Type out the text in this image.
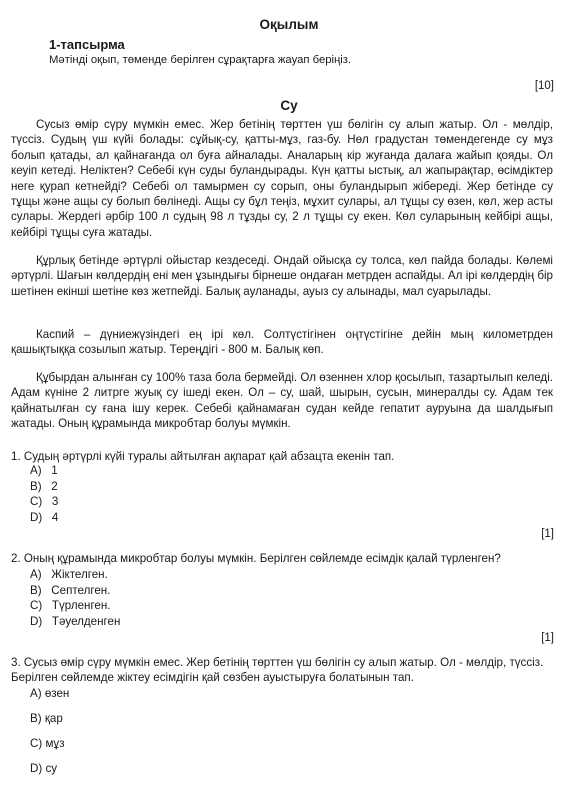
Оқылым
1-тапсырма
Мәтінді оқып, төменде берілген сұрақтарға жауап беріңіз.
[10]
Су
Сусыз өмір сүру мүмкін емес. Жер бетінің төрттен үш бөлігін су алып жатыр. Ол - мөлдір, түссіз. Судың үш күйі болады: сұйық-су, қатты-мұз, газ-бу. Нөл градустан төмендегенде су мұз болып қатады, ал қайнағанда ол буға айналады. Аналарың кір жуғанда далаға жайып қояды. Ол кеуіп кетеді. Неліктен? Себебі күн суды буландырады. Күн қатты ыстық, ал жапырақтар, өсімдіктер неге қурап кетнейді? Себебі ол тамырмен су сорып, оны буландырып жібереді. Жер бетінде су тұщы және ащы су болып бөлінеді. Ащы су бұл теңіз, мұхит сулары, ал тұщы су өзен, көл, жер асты сулары. Жердегі әрбір 100 л судың 98 л тұзды су, 2 л тұщы су екен. Көл суларының кейбірі ащы, кейбірі тұщы суға жатады.
Құрлық бетінде әртүрлі ойыстар кездеседі. Ондай ойысқа су толса, көл пайда болады. Көлемі әртүрлі. Шағын көлдердің ені мен ұзындығы бірнеше ондаған метрден аспайды. Ал ірі көлдердің бір шетінен екінші шетіне көз жетпейді. Балық ауланады, ауыз су алынады, мал суарылады.
Каспий – дүниежүзіндегі ең ірі көл. Солтүстігінен оңтүстігіне дейін мың километрден қашықтыққа созылып жатыр. Тереңдігі - 800 м. Балық көп.
Құбырдан алынған су 100% таза бола бермейді. Ол өзеннен хлор қосылып, тазартылып келеді. Адам күніне 2 литрге жуық су ішеді екен. Ол – су, шай, шырын, сусын, минералды су. Адам тек қайнатылған су ғана ішу керек. Себебі қайнамаған судан кейде гепатит ауруына да шалдығып жатады. Оның құрамында микробтар болуы мүмкін.
1. Судың әртүрлі күйі туралы айтылған ақпарат қай абзацта екенін тап.
A)   1
B)   2
C)   3
D)   4
[1]
2. Оның құрамында микробтар болуы мүмкін. Берілген сөйлемде есімдік қалай түрленген?
A)   Жіктелген.
B)   Септелген.
C)   Түрленген.
D)   Тәуелденген
[1]
3. Сусыз өмір сүру мүмкін емес. Жер бетінің төрттен үш бөлігін су алып жатыр. Ол - мөлдір, түссіз. Берілген сөйлемде жіктеу есімдігін қай сөзбен ауыстыруға болатынын тап.
A) өзен
B) қар
C) мұз
D) су
